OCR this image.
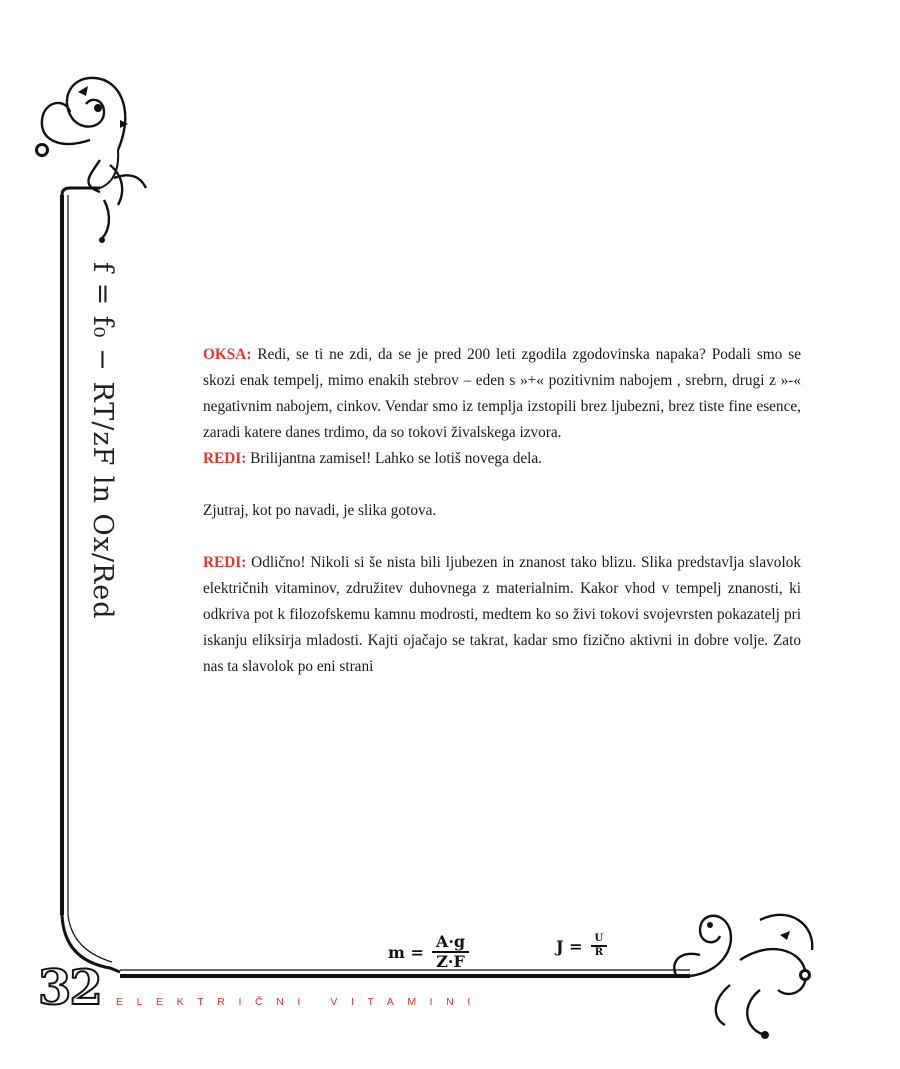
f = f₀ − RT/zF ln Ox/Red	OKSA: Redi, se ti ne zdi, da se je pred 200 leti zgodila zgodovinska napaka? Podali smo se skozi enak tempelj, mimo enakih stebrov – eden s »+« pozitivnim nabojem , srebrn, drugi z »-« negativnim nabojem, cinkov. Vendar smo iz templja izstopili brez ljubezni, brez tiste fine esence, zaradi katere danes trdimo, da so tokovi živalskega izvora.

REDI: Brilijantna zamisel! Lahko se lotiš novega dela.

Zjutraj, kot po navadi, je slika gotova.

REDI: Odlično! Nikoli si še nista bili ljubezen in znanost tako blizu. Slika predstavlja slavolok električnih vitaminov, združitev duhovnega z materialnim. Kakor vhod v tempelj znanosti, ki odkriva pot k filozofskemu kamnu modrosti, medtem ko so živi tokovi svojevrsten pokazatelj pri iskanju eliksirja mladosti. Kajti ojačajo se takrat, kadar smo fizično aktivni in dobre volje. Zato nas ta slavolok po eni strani

$m = \frac{A\cdot g}{Z\cdot F}$	$J = \frac{U}{R}$
32 ELEKTRIČNI VITAMINI
